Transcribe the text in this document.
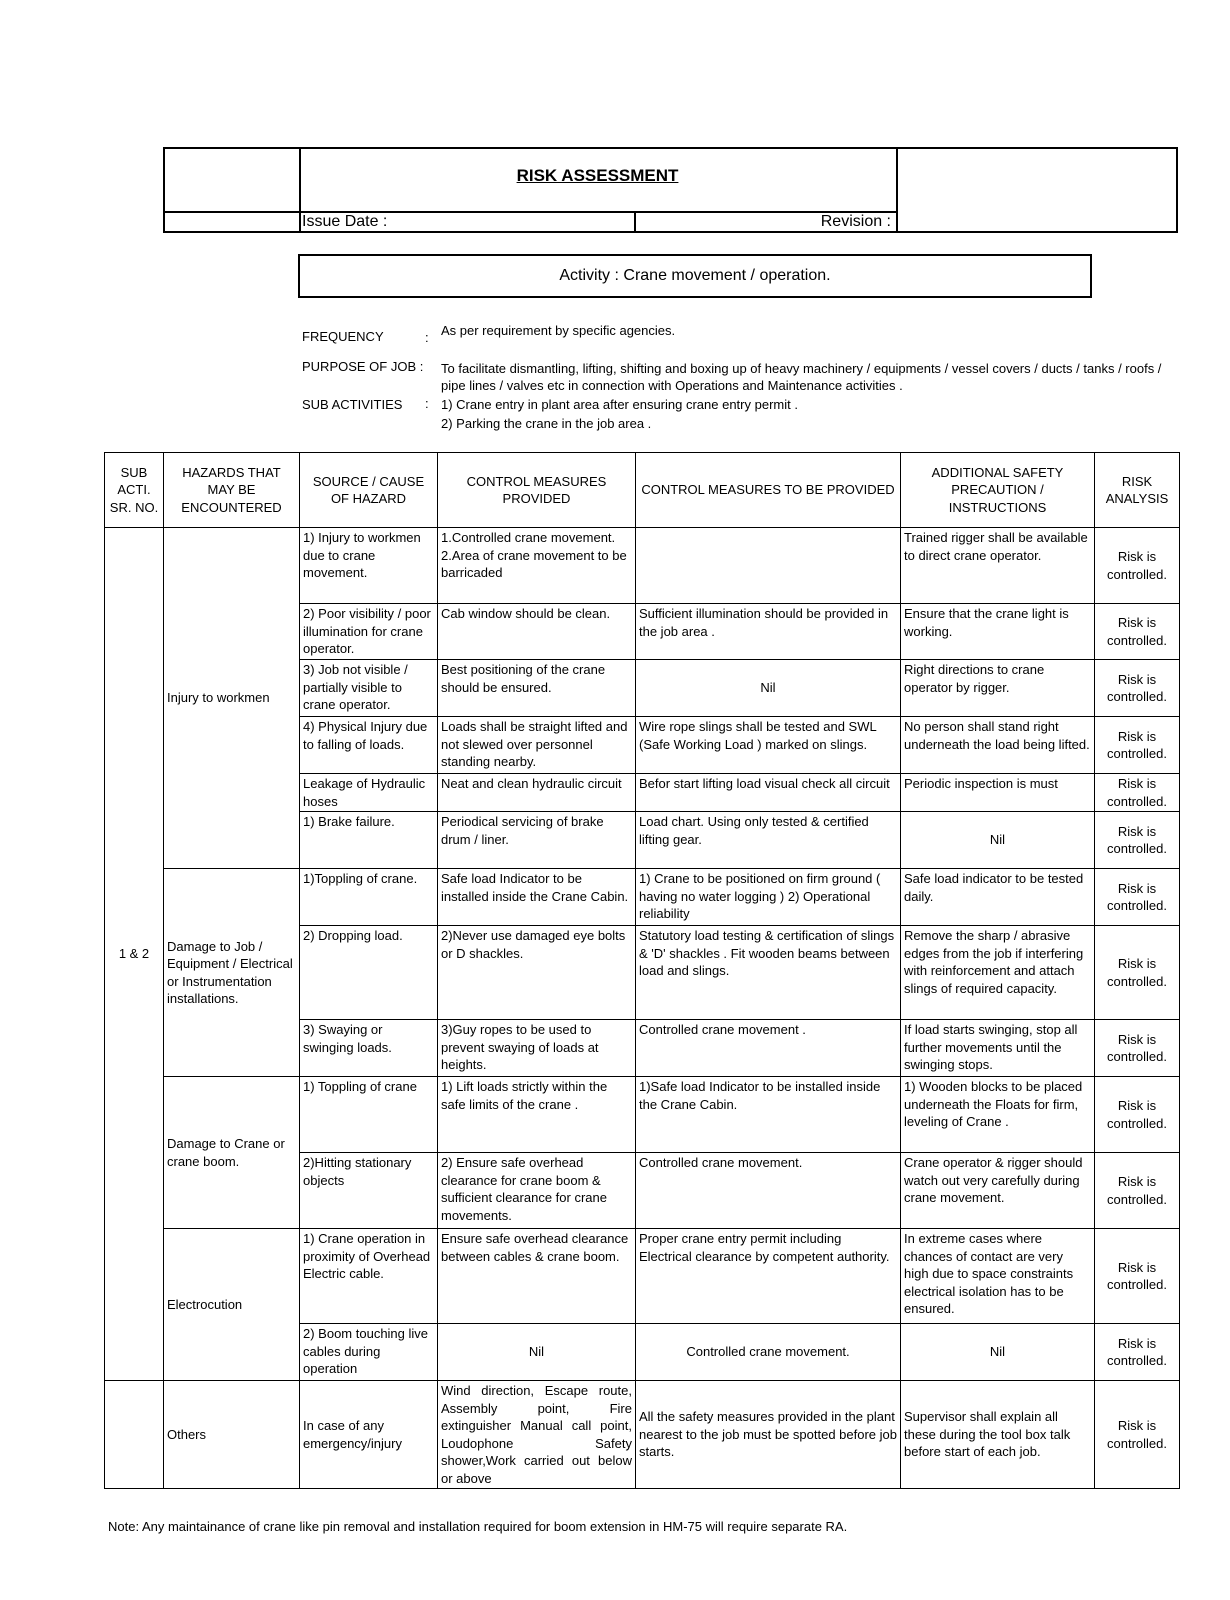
RISK ASSESSMENT
Issue Date :	Revision :
Activity : Crane movement / operation.
FREQUENCY	: As per requirement by specific agencies.
PURPOSE OF JOB : To facilitate dismantling, lifting, shifting and boxing up of heavy machinery / equipments / vessel covers / ducts / tanks / roofs / pipe lines / valves etc in connection with Operations and Maintenance activities .
SUB ACTIVITIES : 1) Crane entry in plant area after ensuring crane entry permit .
2) Parking the crane in the job area .
SUB ACTI. SR. NO.	HAZARDS THAT MAY BE ENCOUNTERED	SOURCE / CAUSE OF HAZARD	CONTROL MEASURES PROVIDED	CONTROL MEASURES TO BE PROVIDED	ADDITIONAL SAFETY PRECAUTION / INSTRUCTIONS	RISK ANALYSIS
1 & 2	Injury to workmen	1) Injury to workmen due to crane movement.	1.Controlled crane movement. 2.Area of crane movement to be barricaded		Trained rigger shall be available to direct crane operator.	Risk is controlled.
		2) Poor visibility / poor illumination for crane operator.	Cab window should be clean.	Sufficient illumination should be provided in the job area .	Ensure that the crane light is working.	Risk is controlled.
		3) Job not visible / partially visible to crane operator.	Best positioning of the crane should be ensured.	Nil	Right directions to crane operator by rigger.	Risk is controlled.
		4) Physical Injury due to falling of loads.	Loads shall be straight lifted and not slewed over personnel standing nearby.	Wire rope slings shall be tested and SWL (Safe Working Load ) marked on slings.	No person shall stand right underneath the load being lifted.	Risk is controlled.
		Leakage of Hydraulic hoses	Neat and clean hydraulic circuit	Befor start lifting load visual check all circuit	Periodic inspection is must	Risk is controlled.
		1) Brake failure.	Periodical servicing of brake drum / liner.	Load chart. Using only tested & certified lifting gear.	Nil	Risk is controlled.
	Damage to Job / Equipment / Electrical or Instrumentation installations.	1)Toppling of crane.	Safe load Indicator to be installed inside the Crane Cabin.	1) Crane to be positioned on firm ground ( having no water logging ) 2) Operational reliability	Safe load indicator to be tested daily.	Risk is controlled.
		2) Dropping load.	2)Never use damaged eye bolts or D shackles.	Statutory load testing & certification of slings & 'D' shackles . Fit wooden beams between load and slings.	Remove the sharp / abrasive edges from the job if interfering with reinforcement and attach slings of required capacity.	Risk is controlled.
		3) Swaying or swinging loads.	3)Guy ropes to be used to prevent swaying of loads at heights.	Controlled crane movement .	If load starts swinging, stop all further movements until the swinging stops.	Risk is controlled.
	Damage to Crane or crane boom.	1) Toppling of crane	1) Lift loads strictly within the safe limits of the crane .	1)Safe load Indicator to be installed inside the Crane Cabin.	1) Wooden blocks to be placed underneath the Floats for firm, leveling of Crane .	Risk is controlled.
		2)Hitting stationary objects	2) Ensure safe overhead clearance for crane boom & sufficient clearance for crane movements.	Controlled crane movement.	Crane operator & rigger should watch out very carefully during crane movement.	Risk is controlled.
	Electrocution	1) Crane operation in proximity of Overhead Electric cable.	Ensure safe overhead clearance between cables & crane boom.	Proper crane entry permit including Electrical clearance by competent authority.	In extreme cases where chances of contact are very high due to space constraints electrical isolation has to be ensured.	Risk is controlled.
		2) Boom touching live cables during operation	Nil	Controlled crane movement.	Nil	Risk is controlled.
	Others	In case of any emergency/injury	Wind direction, Escape route, Assembly point, Fire extinguisher Manual call point, Loudophone Safety shower,Work carried out below or above	All the safety measures provided in the plant nearest to the job must be spotted before job starts.	Supervisor shall explain all these during the tool box talk before start of each job.	Risk is controlled.
Note: Any maintainance of crane like pin removal and installation required for boom extension in HM-75 will require separate RA.
